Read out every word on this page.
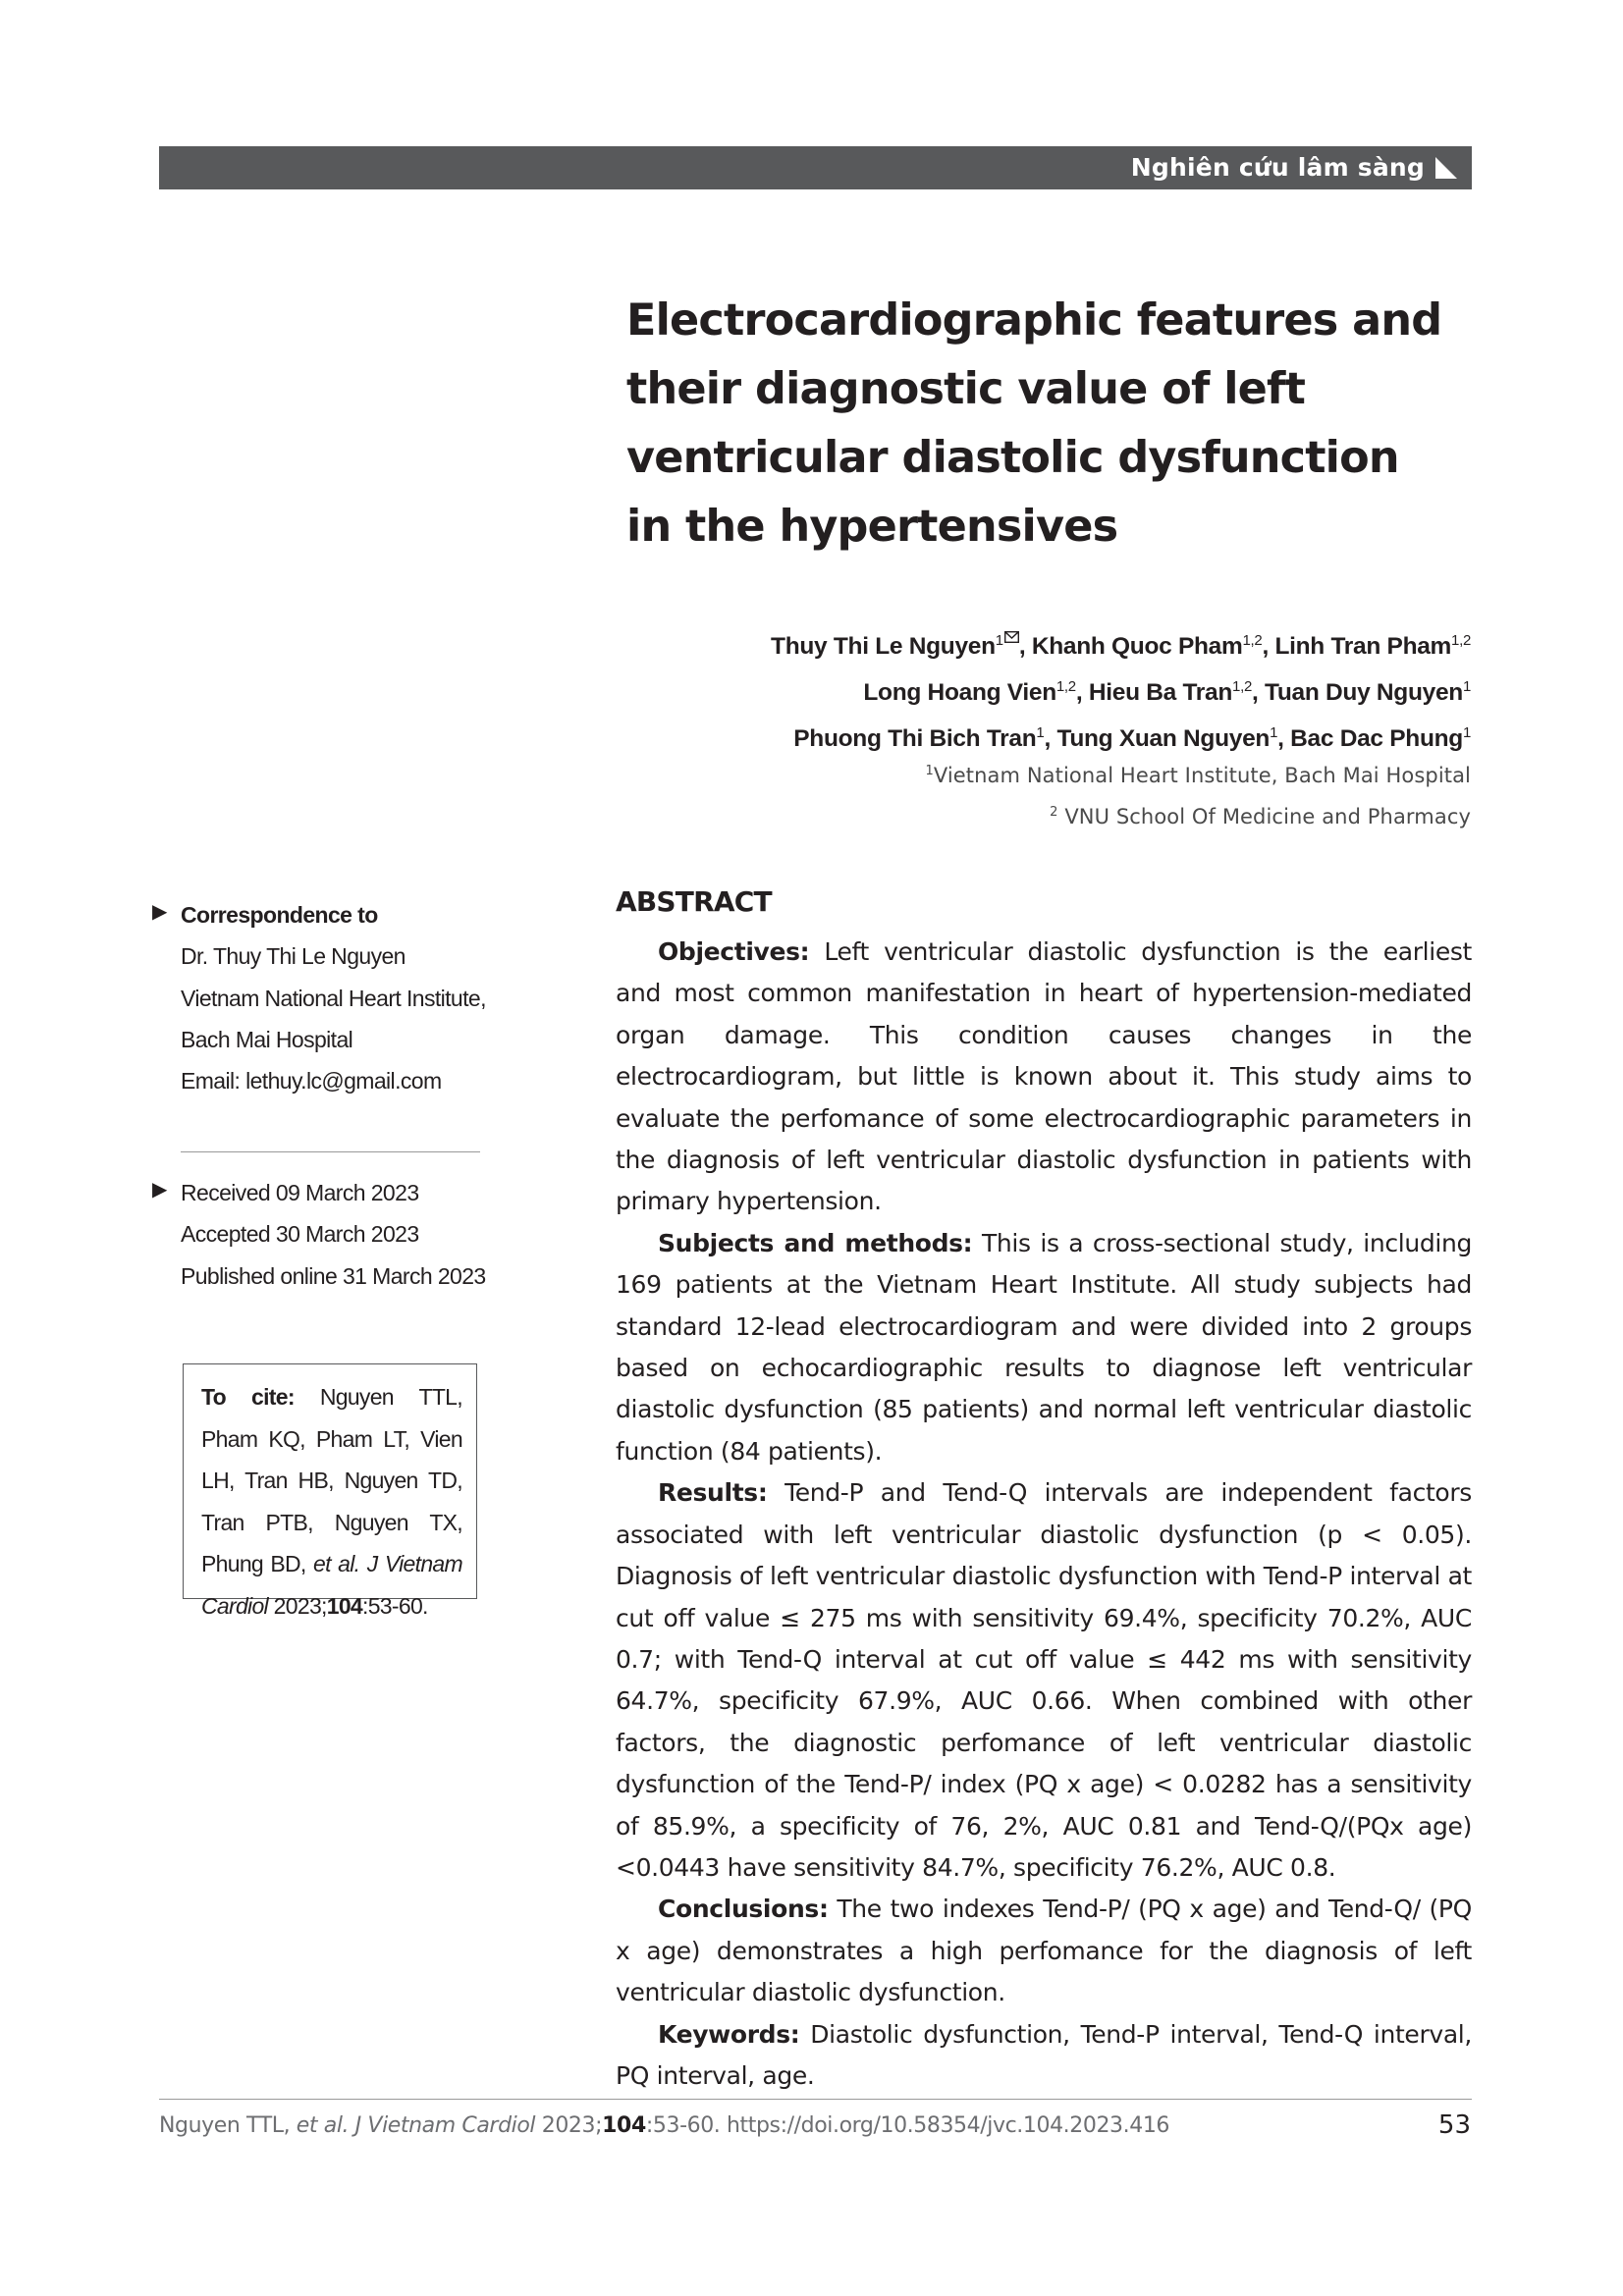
Nghiên cứu lâm sàng
Electrocardiographic features and
their diagnostic value of left
ventricular diastolic dysfunction
in the hypertensives
Thuy Thi Le Nguyen$^1$ , Khanh Quoc Pham$^{1,2}$, Linh Tran Pham$^{1,2}$
Long Hoang Vien$^{1,2}$, Hieu Ba Tran$^{1,2}$, Tuan Duy Nguyen$^1$
Phuong Thi Bich Tran$^1$, Tung Xuan Nguyen$^1$, Bac Dac Phung$^1$
$^1$Vietnam National Heart Institute, Bach Mai Hospital
$^2$ VNU School Of Medicine and Pharmacy
▶ Correspondence to
Dr. Thuy Thi Le Nguyen
Vietnam National Heart Institute,
Bach Mai Hospital
Email: lethuy.lc@gmail.com
▶ Received 09 March 2023
Accepted 30 March 2023
Published online 31 March 2023
To cite: Nguyen TTL, Pham KQ, Pham LT, Vien LH, Tran HB, Nguyen TD, Tran PTB, Nguyen TX, Phung BD, et al. J Vietnam Cardiol 2023;104:53-60.
ABSTRACT

Objectives: Left ventricular diastolic dysfunction is the earliest and most common manifestation in heart of hypertension-mediated organ damage. This condition causes changes in the electrocardiogram, but little is known about it. This study aims to evaluate the perfomance of some electrocardiographic parameters in the diagnosis of left ventricular diastolic dysfunction in patients with primary hypertension.

Subjects and methods: This is a cross-sectional study, including 169 patients at the Vietnam Heart Institute. All study subjects had standard 12-lead electrocardiogram and were divided into 2 groups based on echocardiographic results to diagnose left ventricular diastolic dysfunction (85 patients) and normal left ventricular diastolic function (84 patients).

Results: Tend-P and Tend-Q intervals are independent factors associated with left ventricular diastolic dysfunction (p < 0.05). Diagnosis of left ventricular diastolic dysfunction with Tend-P interval at cut off value ≤ 275 ms with sensitivity 69.4%, specificity 70.2%, AUC 0.7; with Tend-Q interval at cut off value ≤ 442 ms with sensitivity 64.7%, specificity 67.9%, AUC 0.66. When combined with other factors, the diagnostic perfomance of left ventricular diastolic dysfunction of the Tend-P/ index (PQ x age) < 0.0282 has a sensitivity of 85.9%, a specificity of 76, 2%, AUC 0.81 and Tend-Q/(PQx age) <0.0443 have sensitivity 84.7%, specificity 76.2%, AUC 0.8.

Conclusions: The two indexes Tend-P/ (PQ x age) and Tend-Q/ (PQ x age) demonstrates a high perfomance for the diagnosis of left ventricular diastolic dysfunction.

Keywords: Diastolic dysfunction, Tend-P interval, Tend-Q interval, PQ interval, age.

Nguyen TTL, et al. J Vietnam Cardiol 2023;104:53-60. https://doi.org/10.58354/jvc.104.2023.416	53
